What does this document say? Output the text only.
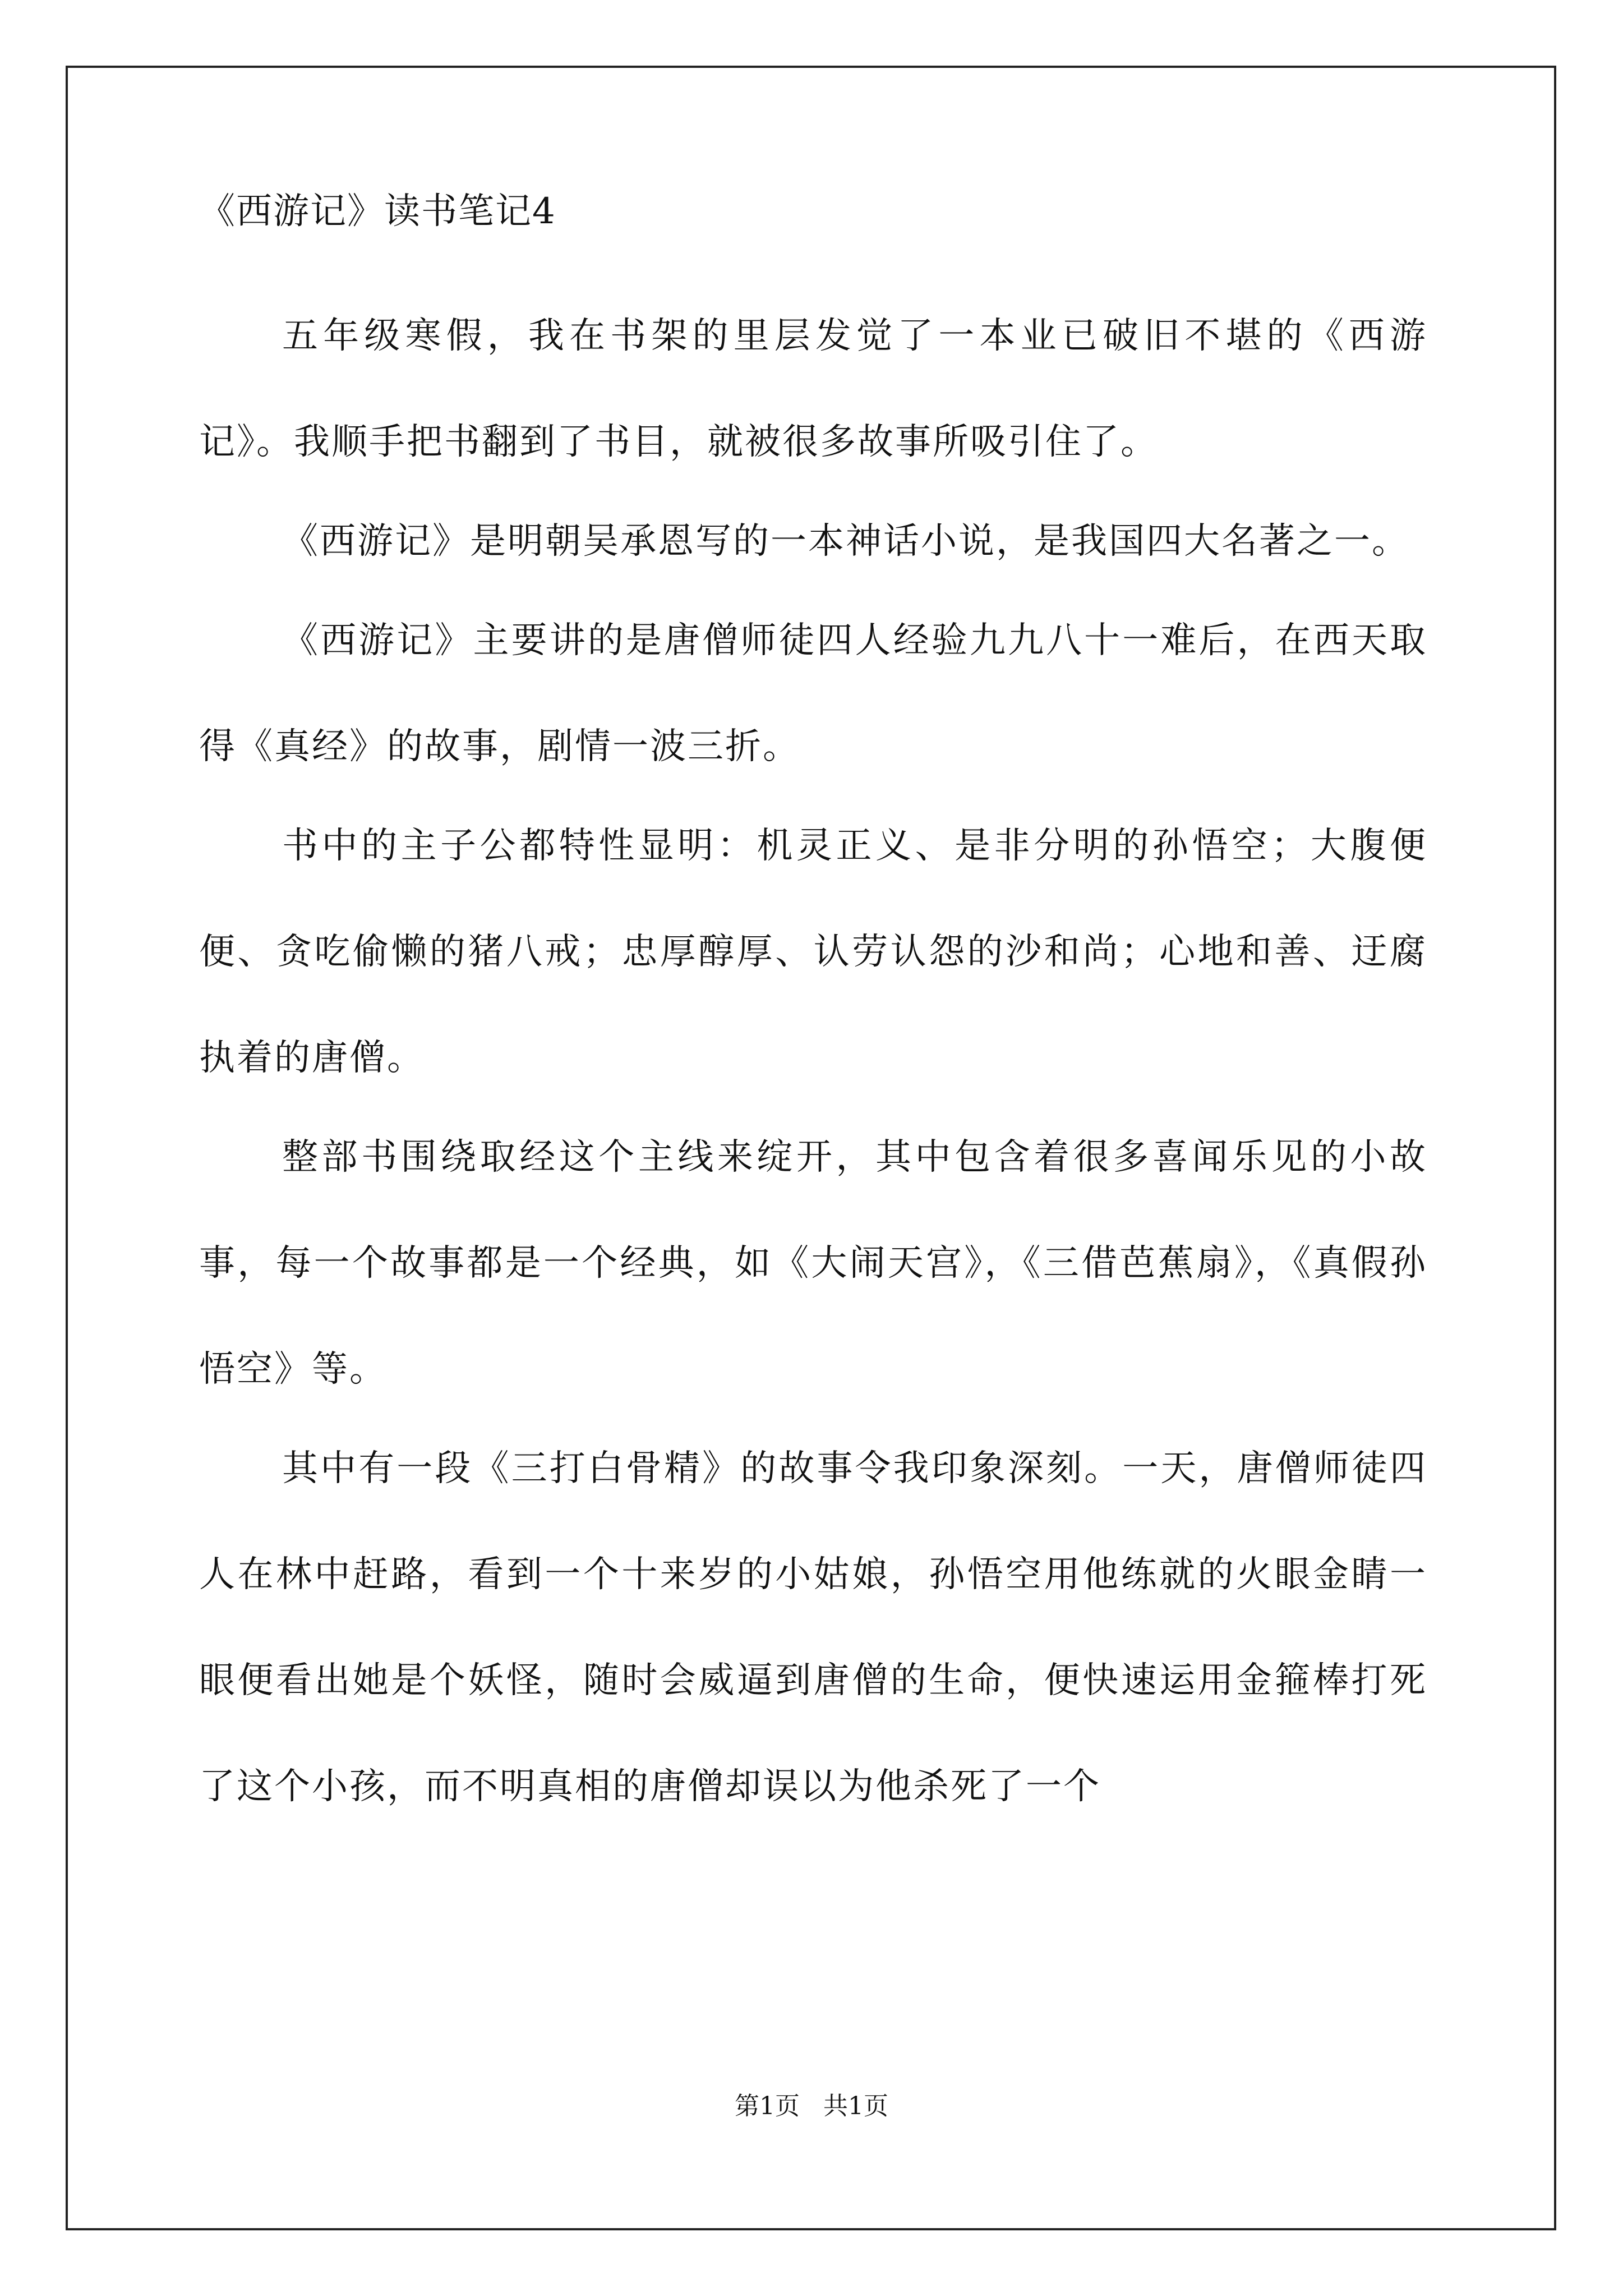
《西游记》读书笔记4

五年级寒假，我在书架的里层发觉了一本业已破旧不堪的《西游记》。我顺手把书翻到了书目，就被很多故事所吸引住了。

《西游记》是明朝吴承恩写的一本神话小说，是我国四大名著之一。

《西游记》主要讲的是唐僧师徒四人经验九九八十一难后，在西天取得《真经》的故事，剧情一波三折。

书中的主子公都特性显明：机灵正义、是非分明的孙悟空；大腹便便、贪吃偷懒的猪八戒；忠厚醇厚、认劳认怨的沙和尚；心地和善、迂腐执着的唐僧。

整部书围绕取经这个主线来绽开，其中包含着很多喜闻乐见的小故事，每一个故事都是一个经典，如《大闹天宫》，《三借芭蕉扇》，《真假孙悟空》等。

其中有一段《三打白骨精》的故事令我印象深刻。一天，唐僧师徒四人在林中赶路，看到一个十来岁的小姑娘，孙悟空用他练就的火眼金睛一眼便看出她是个妖怪，随时会威逼到唐僧的生命，便快速运用金箍棒打死了这个小孩，而不明真相的唐僧却误以为他杀死了一个

第1页   共1页
